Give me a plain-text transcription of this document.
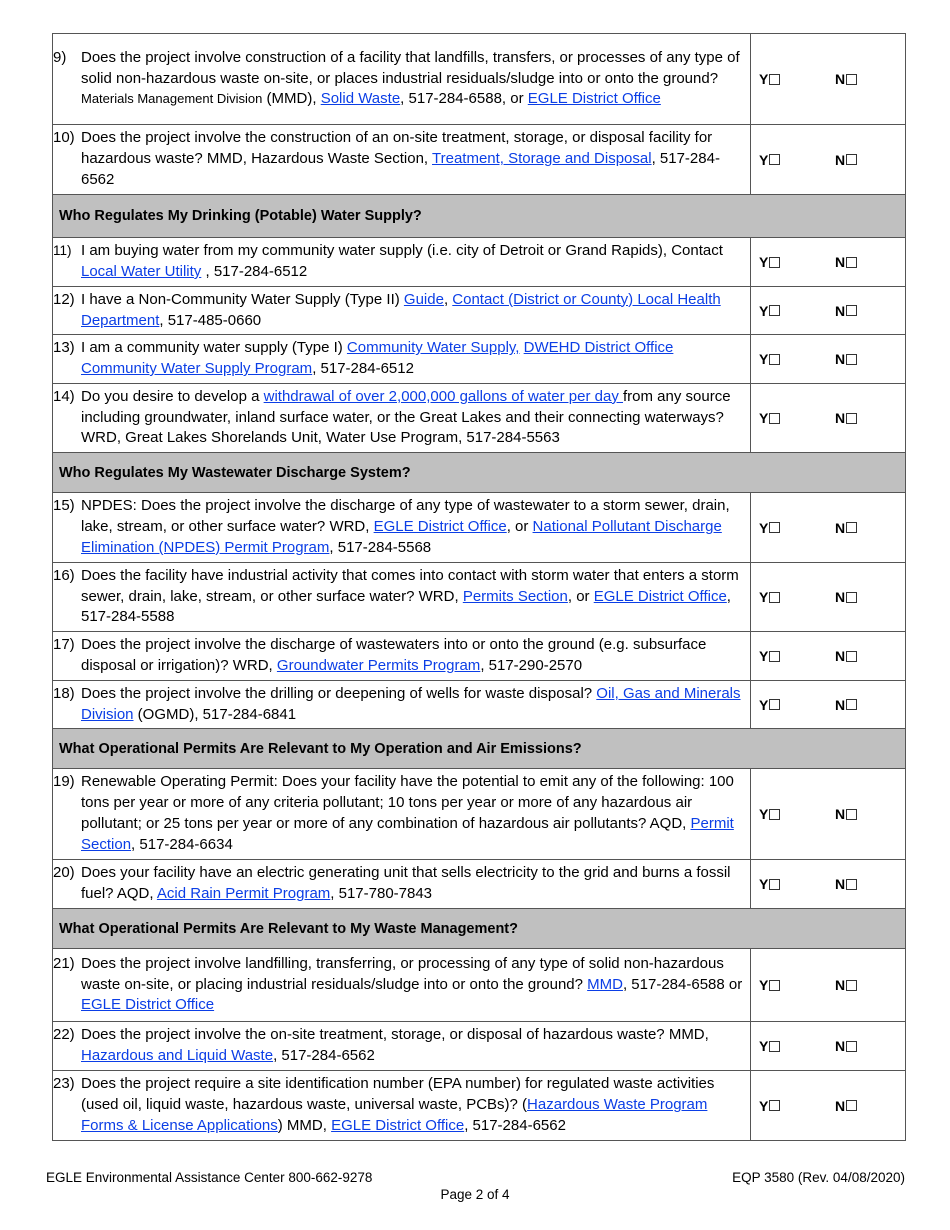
9) Does the project involve construction of a facility that landfills, transfers, or processes of any type of solid non-hazardous waste on-site, or places industrial residuals/sludge into or onto the ground? Materials Management Division (MMD), Solid Waste, 517-284-6588, or EGLE District Office	Y N

10) Does the project involve the construction of an on-site treatment, storage, or disposal facility for hazardous waste? MMD, Hazardous Waste Section, Treatment, Storage and Disposal, 517-284-6562	Y N

Who Regulates My Drinking (Potable) Water Supply?	

11) I am buying water from my community water supply (i.e. city of Detroit or Grand Rapids), Contact Local Water Utility , 517-284-6512	Y N

12) I have a Non-Community Water Supply (Type II) Guide, Contact (District or County) Local Health Department, 517-485-0660	Y N

13) I am a community water supply (Type I) Community Water Supply, DWEHD District Office Community Water Supply Program, 517-284-6512	Y N

14) Do you desire to develop a withdrawal of over 2,000,000 gallons of water per day from any source including groundwater, inland surface water, or the Great Lakes and their connecting waterways? WRD, Great Lakes Shorelands Unit, Water Use Program, 517-284-5563	Y N

Who Regulates My Wastewater Discharge System?	

15) NPDES: Does the project involve the discharge of any type of wastewater to a storm sewer, drain, lake, stream, or other surface water? WRD, EGLE District Office, or National Pollutant Discharge Elimination (NPDES) Permit Program, 517-284-5568	Y N

16) Does the facility have industrial activity that comes into contact with storm water that enters a storm sewer, drain, lake, stream, or other surface water? WRD, Permits Section, or EGLE District Office, 517-284-5588	Y N

17) Does the project involve the discharge of wastewaters into or onto the ground (e.g. subsurface disposal or irrigation)? WRD, Groundwater Permits Program, 517-290-2570	Y N

18) Does the project involve the drilling or deepening of wells for waste disposal? Oil, Gas and Minerals Division (OGMD), 517-284-6841	Y N

What Operational Permits Are Relevant to My Operation and Air Emissions?	

19) Renewable Operating Permit: Does your facility have the potential to emit any of the following: 100 tons per year or more of any criteria pollutant; 10 tons per year or more of any hazardous air pollutant; or 25 tons per year or more of any combination of hazardous air pollutants? AQD, Permit Section, 517-284-6634	Y N

20) Does your facility have an electric generating unit that sells electricity to the grid and burns a fossil fuel? AQD, Acid Rain Permit Program, 517-780-7843	Y N

What Operational Permits Are Relevant to My Waste Management?	

21) Does the project involve landfilling, transferring, or processing of any type of solid non-hazardous waste on-site, or placing industrial residuals/sludge into or onto the ground? MMD, 517-284-6588 or EGLE District Office	Y N

22) Does the project involve the on-site treatment, storage, or disposal of hazardous waste? MMD, Hazardous and Liquid Waste, 517-284-6562	Y N

23) Does the project require a site identification number (EPA number) for regulated waste activities (used oil, liquid waste, hazardous waste, universal waste, PCBs)? (Hazardous Waste Program Forms & License Applications) MMD, EGLE District Office, 517-284-6562	Y N
EGLE Environmental Assistance Center 800-662-9278	EQP 3580 (Rev. 04/08/2020)
Page 2 of 4
